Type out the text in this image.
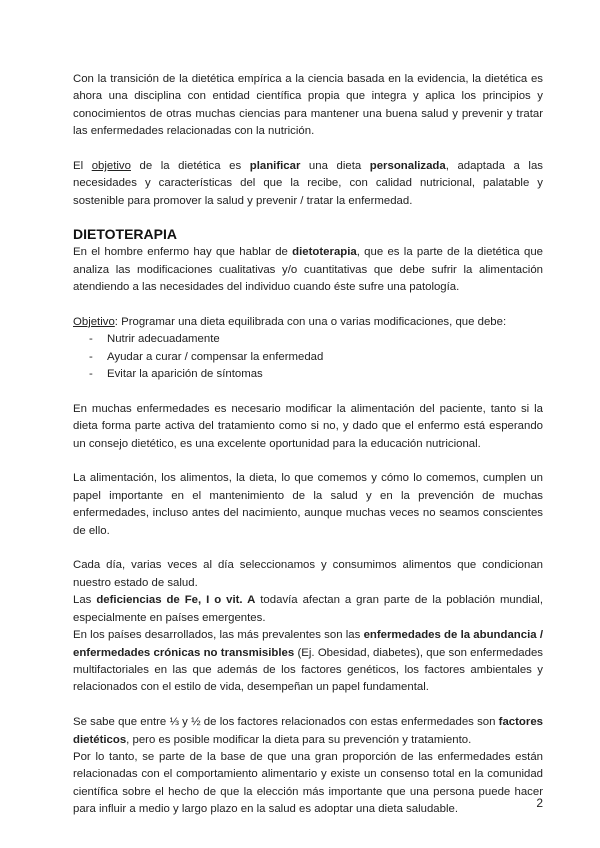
Con la transición de la dietética empírica a la ciencia basada en la evidencia, la dietética es ahora una disciplina con entidad científica propia que integra y aplica los principios y conocimientos de otras muchas ciencias para mantener una buena salud y prevenir y tratar las enfermedades relacionadas con la nutrición.

El objetivo de la dietética es planificar una dieta personalizada, adaptada a las necesidades y características del que la recibe, con calidad nutricional, palatable y sostenible para promover la salud y prevenir / tratar la enfermedad.

DIETOTERAPIA

En el hombre enfermo hay que hablar de dietoterapia, que es la parte de la dietética que analiza las modificaciones cualitativas y/o cuantitativas que debe sufrir la alimentación atendiendo a las necesidades del individuo cuando éste sufre una patología.

Objetivo: Programar una dieta equilibrada con una o varias modificaciones, que debe:

- Nutrir adecuadamente
- Ayudar a curar / compensar la enfermedad
- Evitar la aparición de síntomas

En muchas enfermedades es necesario modificar la alimentación del paciente, tanto si la dieta forma parte activa del tratamiento como si no, y dado que el enfermo está esperando un consejo dietético, es una excelente oportunidad para la educación nutricional.

La alimentación, los alimentos, la dieta, lo que comemos y cómo lo comemos, cumplen un papel importante en el mantenimiento de la salud y en la prevención de muchas enfermedades, incluso antes del nacimiento, aunque muchas veces no seamos conscientes de ello.

Cada día, varias veces al día seleccionamos y consumimos alimentos que condicionan nuestro estado de salud.

Las deficiencias de Fe, I o vit. A todavía afectan a gran parte de la población mundial, especialmente en países emergentes.

En los países desarrollados, las más prevalentes son las enfermedades de la abundancia / enfermedades crónicas no transmisibles (Ej. Obesidad, diabetes), que son enfermedades multifactoriales en las que además de los factores genéticos, los factores ambientales y relacionados con el estilo de vida, desempeñan un papel fundamental.

Se sabe que entre ⅓ y ½ de los factores relacionados con estas enfermedades son factores dietéticos, pero es posible modificar la dieta para su prevención y tratamiento.

Por lo tanto, se parte de la base de que una gran proporción de las enfermedades están relacionadas con el comportamiento alimentario y existe un consenso total en la comunidad científica sobre el hecho de que la elección más importante que una persona puede hacer para influir a medio y largo plazo en la salud es adoptar una dieta saludable.	2
